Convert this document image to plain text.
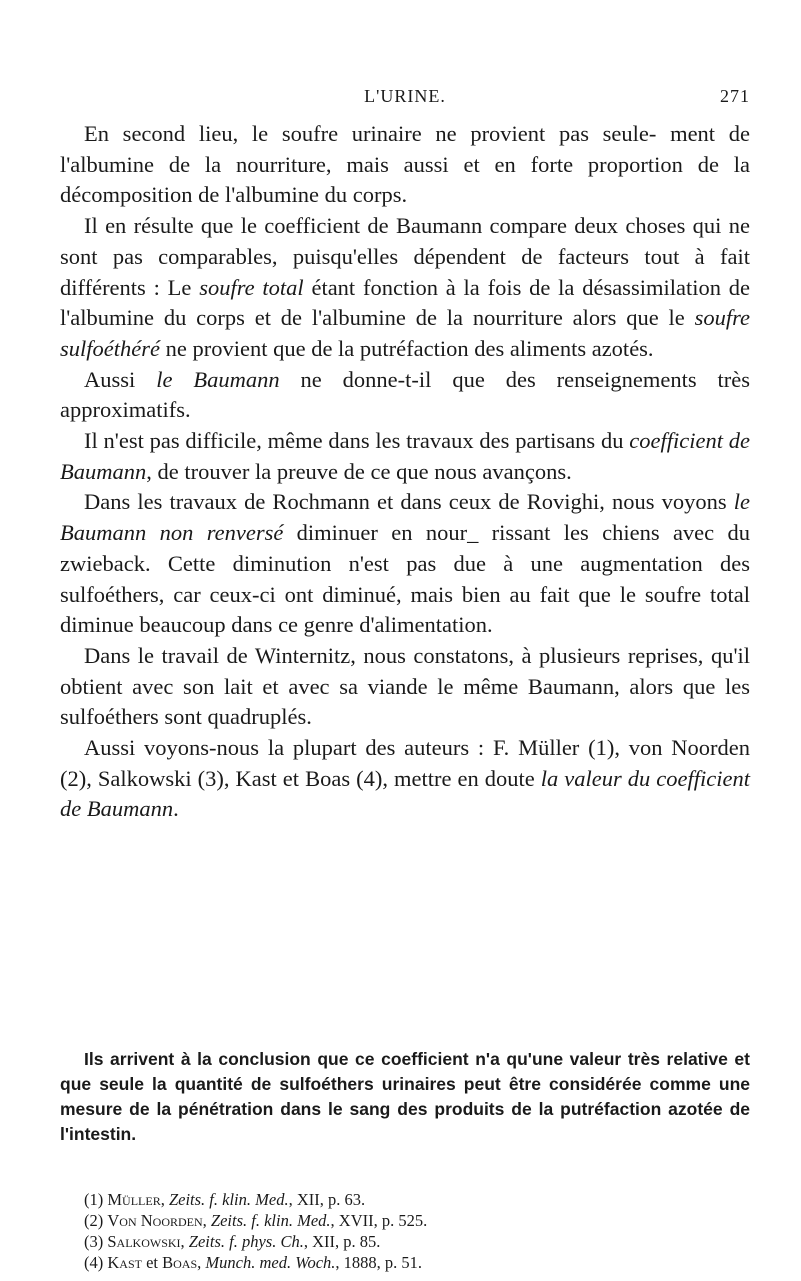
L'URINE.	271

En second lieu, le soufre urinaire ne provient pas seule- ment de l'albumine de la nourriture, mais aussi et en forte proportion de la décomposition de l'albumine du corps.

Il en résulte que le coefficient de Baumann compare deux choses qui ne sont pas comparables, puisqu'elles dépendent de facteurs tout à fait différents : Le soufre total étant fonction à la fois de la désassimilation de l'albumine du corps et de l'albumine de la nourriture alors que le soufre sulfoéthéré ne provient que de la putréfaction des aliments azotés.

Aussi le Baumann ne donne-t-il que des renseignements très approximatifs.

Il n'est pas difficile, même dans les travaux des partisans du coefficient de Baumann, de trouver la preuve de ce que nous avançons.

Dans les travaux de Rochmann et dans ceux de Rovighi, nous voyons le Baumann non renversé diminuer en nour_ rissant les chiens avec du zwieback. Cette diminution n'est pas due à une augmentation des sulfoéthers, car ceux-ci ont diminué, mais bien au fait que le soufre total diminue beaucoup dans ce genre d'alimentation.

Dans le travail de Winternitz, nous constatons, à plusieurs reprises, qu'il obtient avec son lait et avec sa viande le même Baumann, alors que les sulfoéthers sont quadruplés.

Aussi voyons-nous la plupart des auteurs : F. Müller (1), von Noorden (2), Salkowski (3), Kast et Boas (4), mettre en doute la valeur du coefficient de Baumann.

Ils arrivent à la conclusion que ce coefficient n'a qu'une valeur très relative et que seule la quantité de sulfoéthers urinaires peut être considérée comme une mesure de la pénétration dans le sang des produits de la putréfaction azotée de l'intestin.

(1) Müller, Zeits. f. klin. Med., XII, p. 63.

(2) Von Noorden, Zeits. f. klin. Med., XVII, p. 525.

(3) Salkowski, Zeits. f. phys. Ch., XII, p. 85.

(4) Kast et Boas, Munch. med. Woch., 1888, p. 51.
